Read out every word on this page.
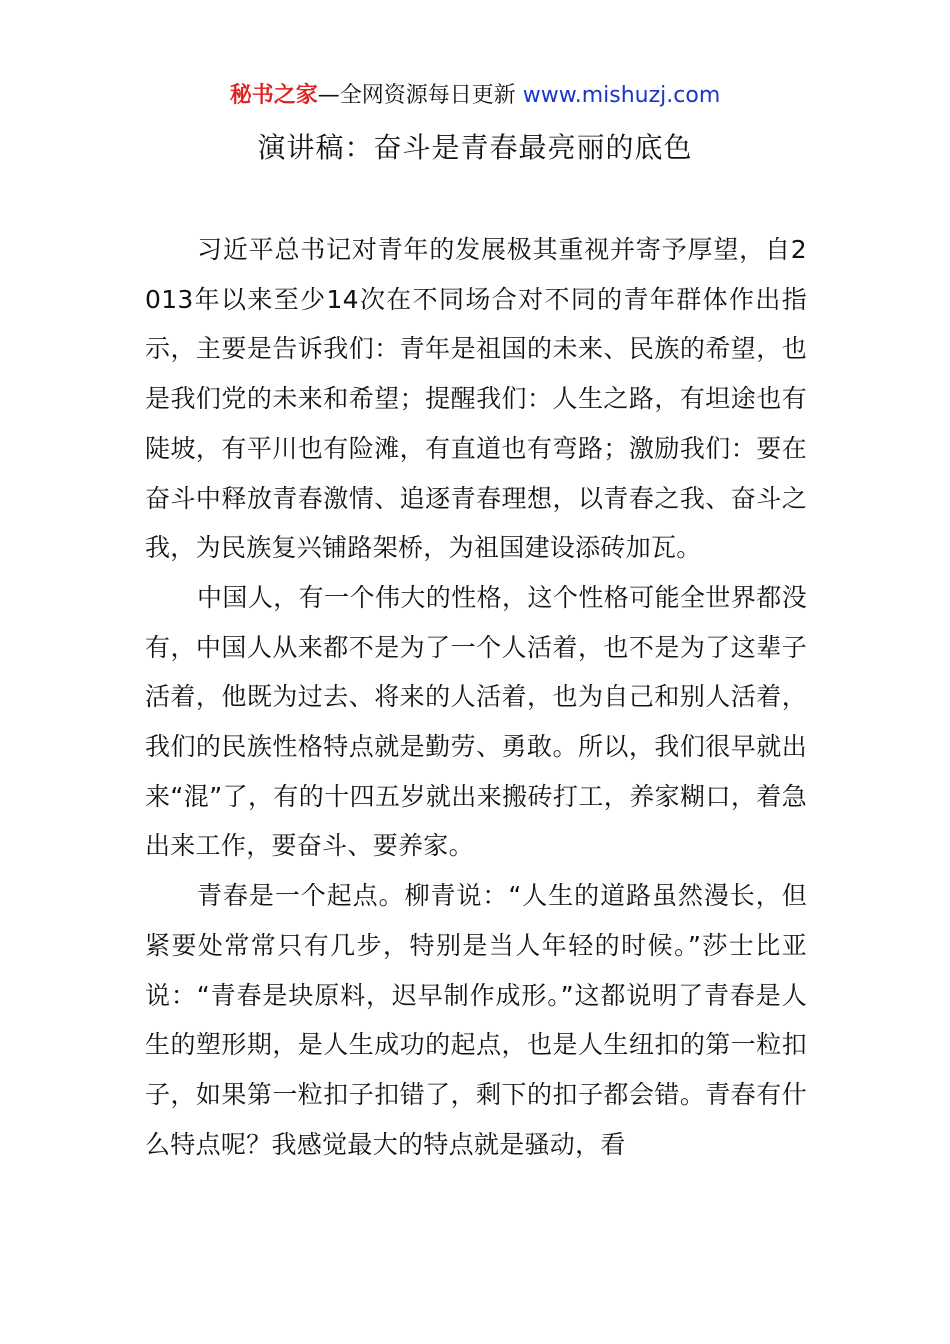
秘书之家—全网资源每日更新 www.mishuzj.com
演讲稿：奋斗是青春最亮丽的底色

习近平总书记对青年的发展极其重视并寄予厚望，自2013年以来至少14次在不同场合对不同的青年群体作出指示，主要是告诉我们：青年是祖国的未来、民族的希望，也是我们党的未来和希望；提醒我们：人生之路，有坦途也有陡坡，有平川也有险滩，有直道也有弯路；激励我们：要在奋斗中释放青春激情、追逐青春理想，以青春之我、奋斗之我，为民族复兴铺路架桥，为祖国建设添砖加瓦。

中国人，有一个伟大的性格，这个性格可能全世界都没有，中国人从来都不是为了一个人活着，也不是为了这辈子活着，他既为过去、将来的人活着，也为自己和别人活着，我们的民族性格特点就是勤劳、勇敢。所以，我们很早就出来“混”了，有的十四五岁就出来搬砖打工，养家糊口，着急出来工作，要奋斗、要养家。

青春是一个起点。柳青说：“人生的道路虽然漫长，但紧要处常常只有几步，特别是当人年轻的时候。”莎士比亚说：“青春是块原料，迟早制作成形。”这都说明了青春是人生的塑形期，是人生成功的起点，也是人生纽扣的第一粒扣子，如果第一粒扣子扣错了，剩下的扣子都会错。青春有什么特点呢？我感觉最大的特点就是骚动，看
